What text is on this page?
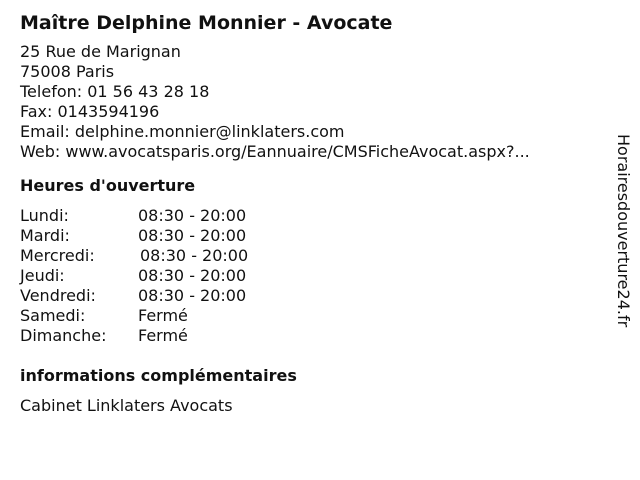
Maître Delphine Monnier - Avocate
25 Rue de Marignan
75008 Paris
Telefon: 01 56 43 28 18
Fax: 0143594196
Email: delphine.monnier@linklaters.com
Web: www.avocatsparis.org/Eannuaire/CMSFicheAvocat.aspx?...
Heures d'ouverture
Lundi:	08:30 - 20:00
Mardi:	08:30 - 20:00
Mercredi:	08:30 - 20:00
Jeudi:	08:30 - 20:00
Vendredi:	08:30 - 20:00
Samedi:	Fermé
Dimanche:	Fermé
informations complémentaires
Cabinet Linklaters Avocats
Horairesdouverture24.fr
